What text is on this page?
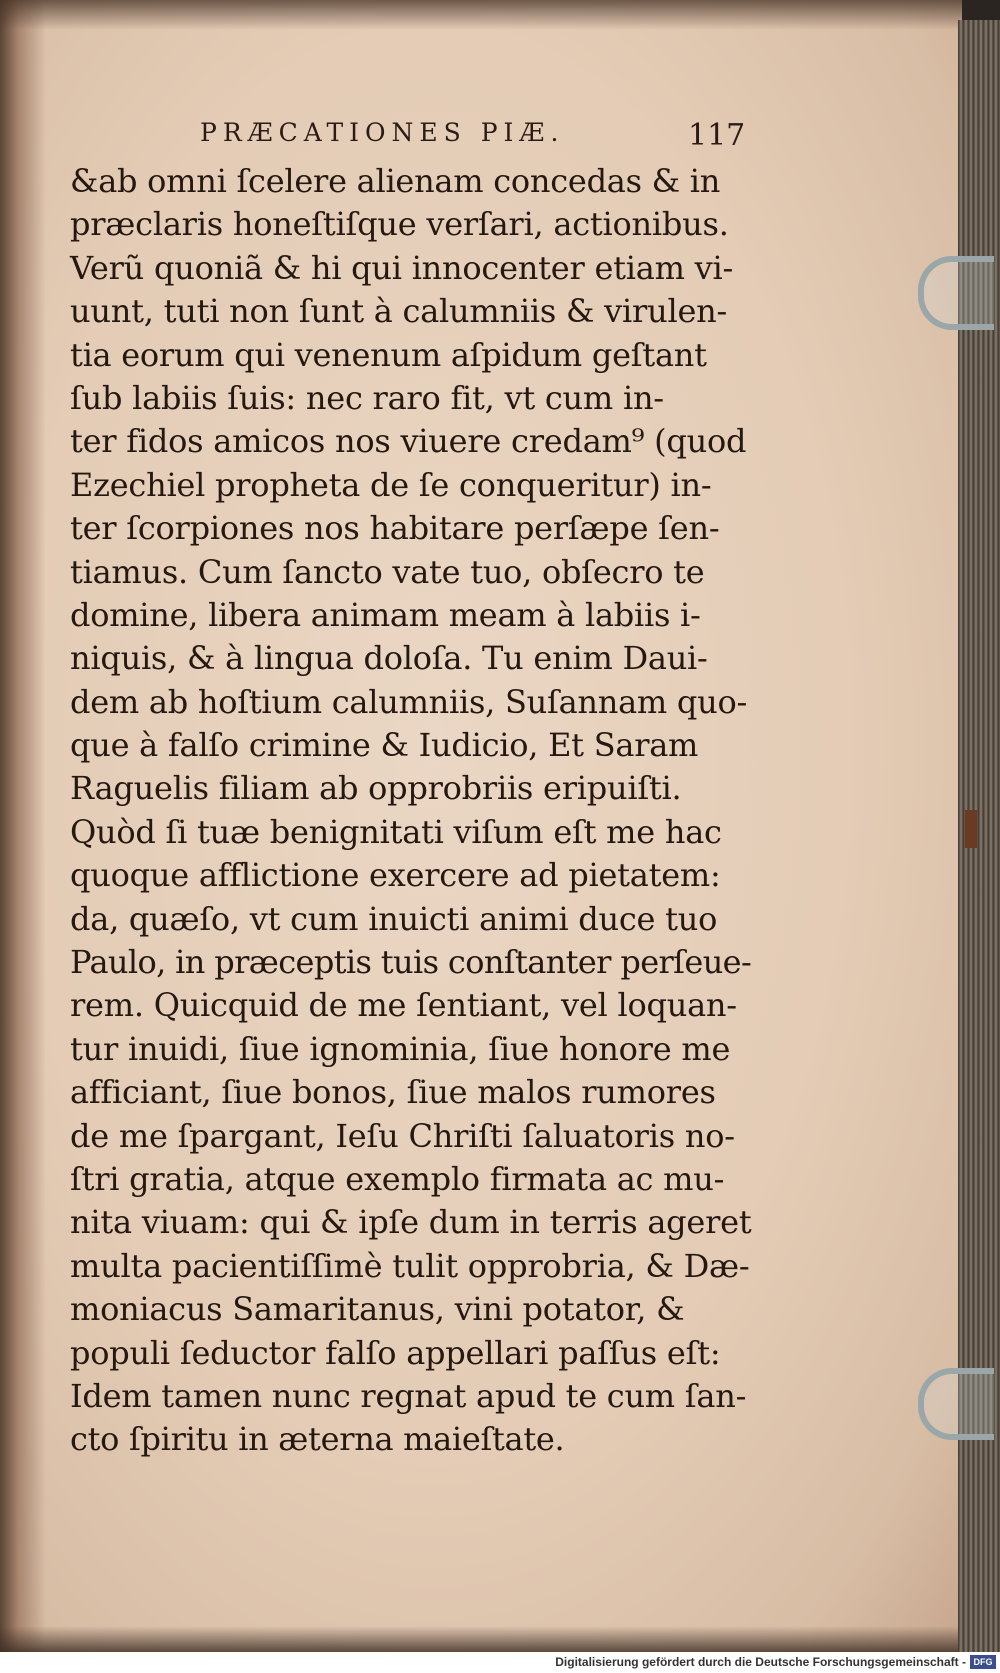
PRÆCATIONES PIÆ.	117
&ab omni ſcelere alienam concedas & in
præclaris honeſtiſque verſari, actionibus.
Verũ quoniã & hi qui innocenter etiam vi-
uunt, tuti non ſunt à calumniis & virulen-
tia eorum qui venenum aſpidum geſtant
ſub labiis ſuis: nec raro fit, vt cum in-
ter fidos amicos nos viuere credam⁹ (quod
Ezechiel propheta de ſe conqueritur) in-
ter ſcorpiones nos habitare perſæpe ſen-
tiamus. Cum ſancto vate tuo, obſecro te
domine, libera animam meam à labiis i-
niquis, & à lingua doloſa. Tu enim Daui-
dem ab hoſtium calumniis, Suſannam quo-
que à falſo crimine & Iudicio, Et Saram
Raguelis filiam ab opprobriis eripuiſti.
Quòd ſi tuæ benignitati viſum eſt me hac
quoque afflictione exercere ad pietatem:
da, quæſo, vt cum inuicti animi duce tuo
Paulo, in præceptis tuis conſtanter perſeue-
rem. Quicquid de me ſentiant, vel loquan-
tur inuidi, ſiue ignominia, ſiue honore me
afficiant, ſiue bonos, ſiue malos rumores
de me ſpargant, Ieſu Chriſti ſaluatoris no-
ſtri gratia, atque exemplo firmata ac mu-
nita viuam: qui & ipſe dum in terris ageret
multa pacientiſſimè tulit opprobria, & Dæ-
moniacus Samaritanus, vini potator, &
populi ſeductor falſo appellari paſſus eſt:
Idem tamen nunc regnat apud te cum ſan-
cto ſpiritu in æterna maieſtate.
Digitalisierung gefördert durch die Deutsche Forschungsgemeinschaft - DFG
